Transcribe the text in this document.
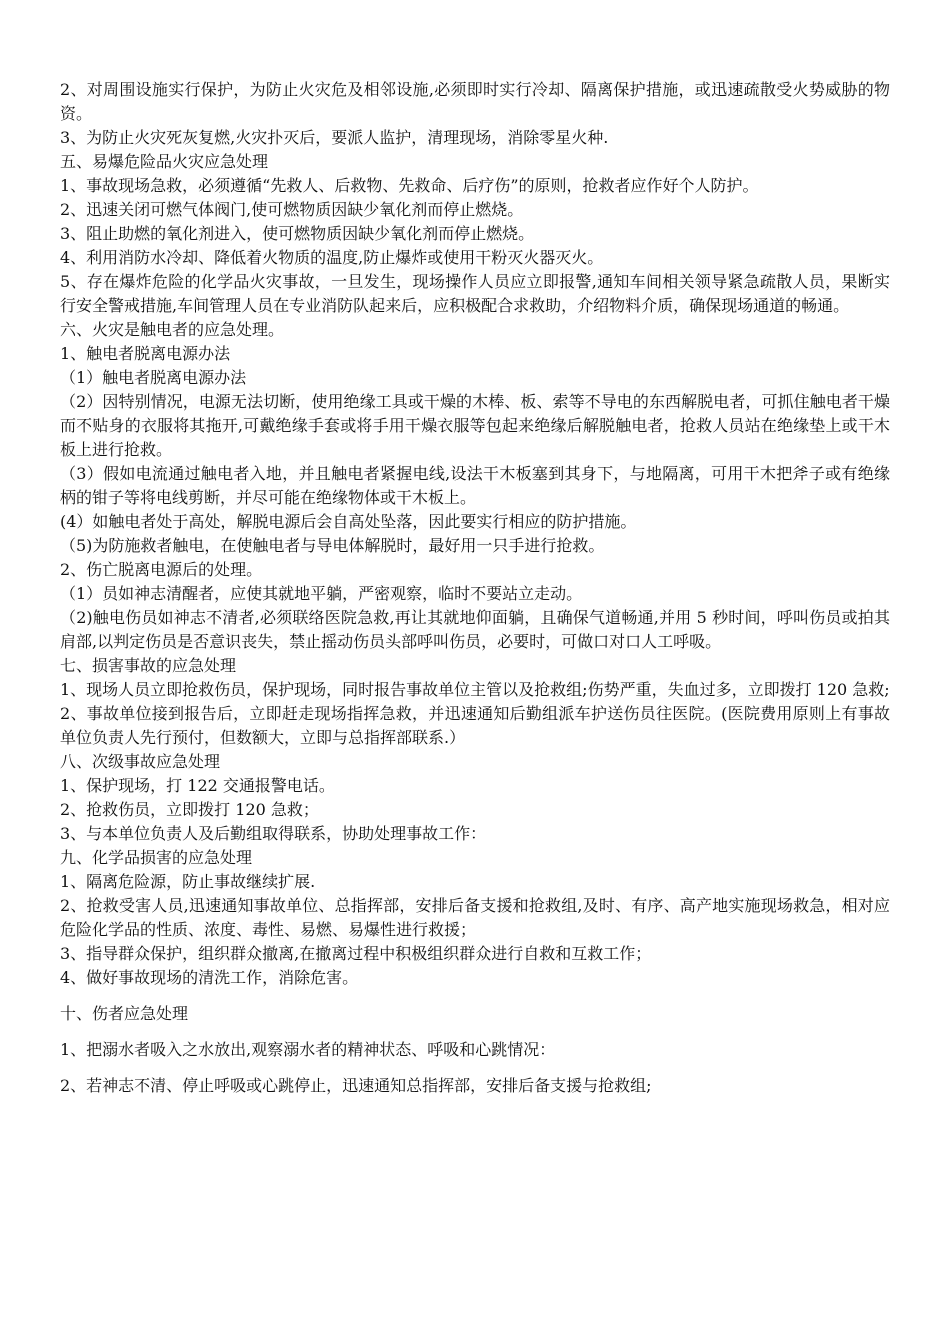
2、对周围设施实行保护，为防止火灾危及相邻设施,必须即时实行冷却、隔离保护措施，或迅速疏散受火势威胁的物资。

3、为防止火灾死灰复燃,火灾扑灭后，要派人监护，清理现场，消除零星火种.

五、易爆危险品火灾应急处理

1、事故现场急救，必须遵循“先救人、后救物、先救命、后疗伤”的原则，抢救者应作好个人防护。

2、迅速关闭可燃气体阀门,使可燃物质因缺少氧化剂而停止燃烧。

3、阻止助燃的氧化剂进入，使可燃物质因缺少氧化剂而停止燃烧。

4、利用消防水冷却、降低着火物质的温度,防止爆炸或使用干粉灭火器灭火。

5、存在爆炸危险的化学品火灾事故，一旦发生，现场操作人员应立即报警,通知车间相关领导紧急疏散人员，果断实行安全警戒措施,车间管理人员在专业消防队起来后，应积极配合求救助，介绍物料介质，确保现场通道的畅通。

六、火灾是触电者的应急处理。

1、触电者脱离电源办法

（1）触电者脱离电源办法

（2）因特别情况，电源无法切断，使用绝缘工具或干燥的木棒、板、索等不导电的东西解脱电者，可抓住触电者干燥而不贴身的衣服将其拖开,可戴绝缘手套或将手用干燥衣服等包起来绝缘后解脱触电者，抢救人员站在绝缘垫上或干木板上进行抢救。

（3）假如电流通过触电者入地，并且触电者紧握电线,设法干木板塞到其身下，与地隔离，可用干木把斧子或有绝缘柄的钳子等将电线剪断，并尽可能在绝缘物体或干木板上。

(4）如触电者处于高处，解脱电源后会自高处坠落，因此要实行相应的防护措施。

（5)为防施救者触电，在使触电者与导电体解脱时，最好用一只手进行抢救。

2、伤亡脱离电源后的处理。

（1）员如神志清醒者，应使其就地平躺，严密观察，临时不要站立走动。

（2)触电伤员如神志不清者,必须联络医院急救,再让其就地仰面躺，且确保气道畅通,并用 5 秒时间，呼叫伤员或拍其肩部,以判定伤员是否意识丧失，禁止摇动伤员头部呼叫伤员，必要时，可做口对口人工呼吸。

七、损害事故的应急处理

1、现场人员立即抢救伤员，保护现场，同时报告事故单位主管以及抢救组;伤势严重，失血过多，立即拨打 120 急救;

2、事故单位接到报告后，立即赶走现场指挥急救，并迅速通知后勤组派车护送伤员往医院。(医院费用原则上有事故单位负责人先行预付，但数额大，立即与总指挥部联系.）

八、次级事故应急处理

1、保护现场，打 122 交通报警电话。

2、抢救伤员，立即拨打 120 急救；

3、与本单位负责人及后勤组取得联系，协助处理事故工作：

九、化学品损害的应急处理

1、隔离危险源，防止事故继续扩展.

2、抢救受害人员,迅速通知事故单位、总指挥部，安排后备支援和抢救组,及时、有序、高产地实施现场救急，相对应危险化学品的性质、浓度、毒性、易燃、易爆性进行救援；

3、指导群众保护，组织群众撤离,在撤离过程中积极组织群众进行自救和互救工作；

4、做好事故现场的清洗工作，消除危害。

十、伤者应急处理

1、把溺水者吸入之水放出,观察溺水者的精神状态、呼吸和心跳情况：

2、若神志不清、停止呼吸或心跳停止，迅速通知总指挥部，安排后备支援与抢救组;
